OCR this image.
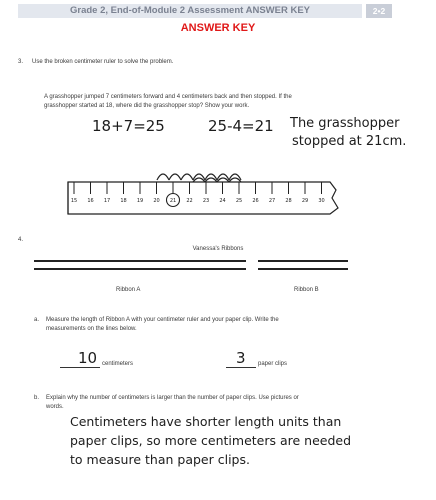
Grade 2, End-of-Module 2 Assessment ANSWER KEY	2•2
ANSWER KEY
3. Use the broken centimeter ruler to solve the problem.
A grasshopper jumped 7 centimeters forward and 4 centimeters back and then stopped. If the
grasshopper started at 18, where did the grasshopper stop? Show your work.
18+7=25	25-4=21 The grasshopper
stopped at 21cm.
15 16 17 18 19 20 21 22 23 24 25 26 27 28 29 30
4.
Vanessa's Ribbons
Ribbon A	Ribbon B
a. Measure the length of Ribbon A with your centimeter ruler and your paper clip. Write the
measurements on the lines below.
10 centimeters	3 paper clips
b. Explain why the number of centimeters is larger than the number of paper clips. Use pictures or
words.
Centimeters have shorter length units than
paper clips, so more centimeters are needed
to measure than paper clips.
